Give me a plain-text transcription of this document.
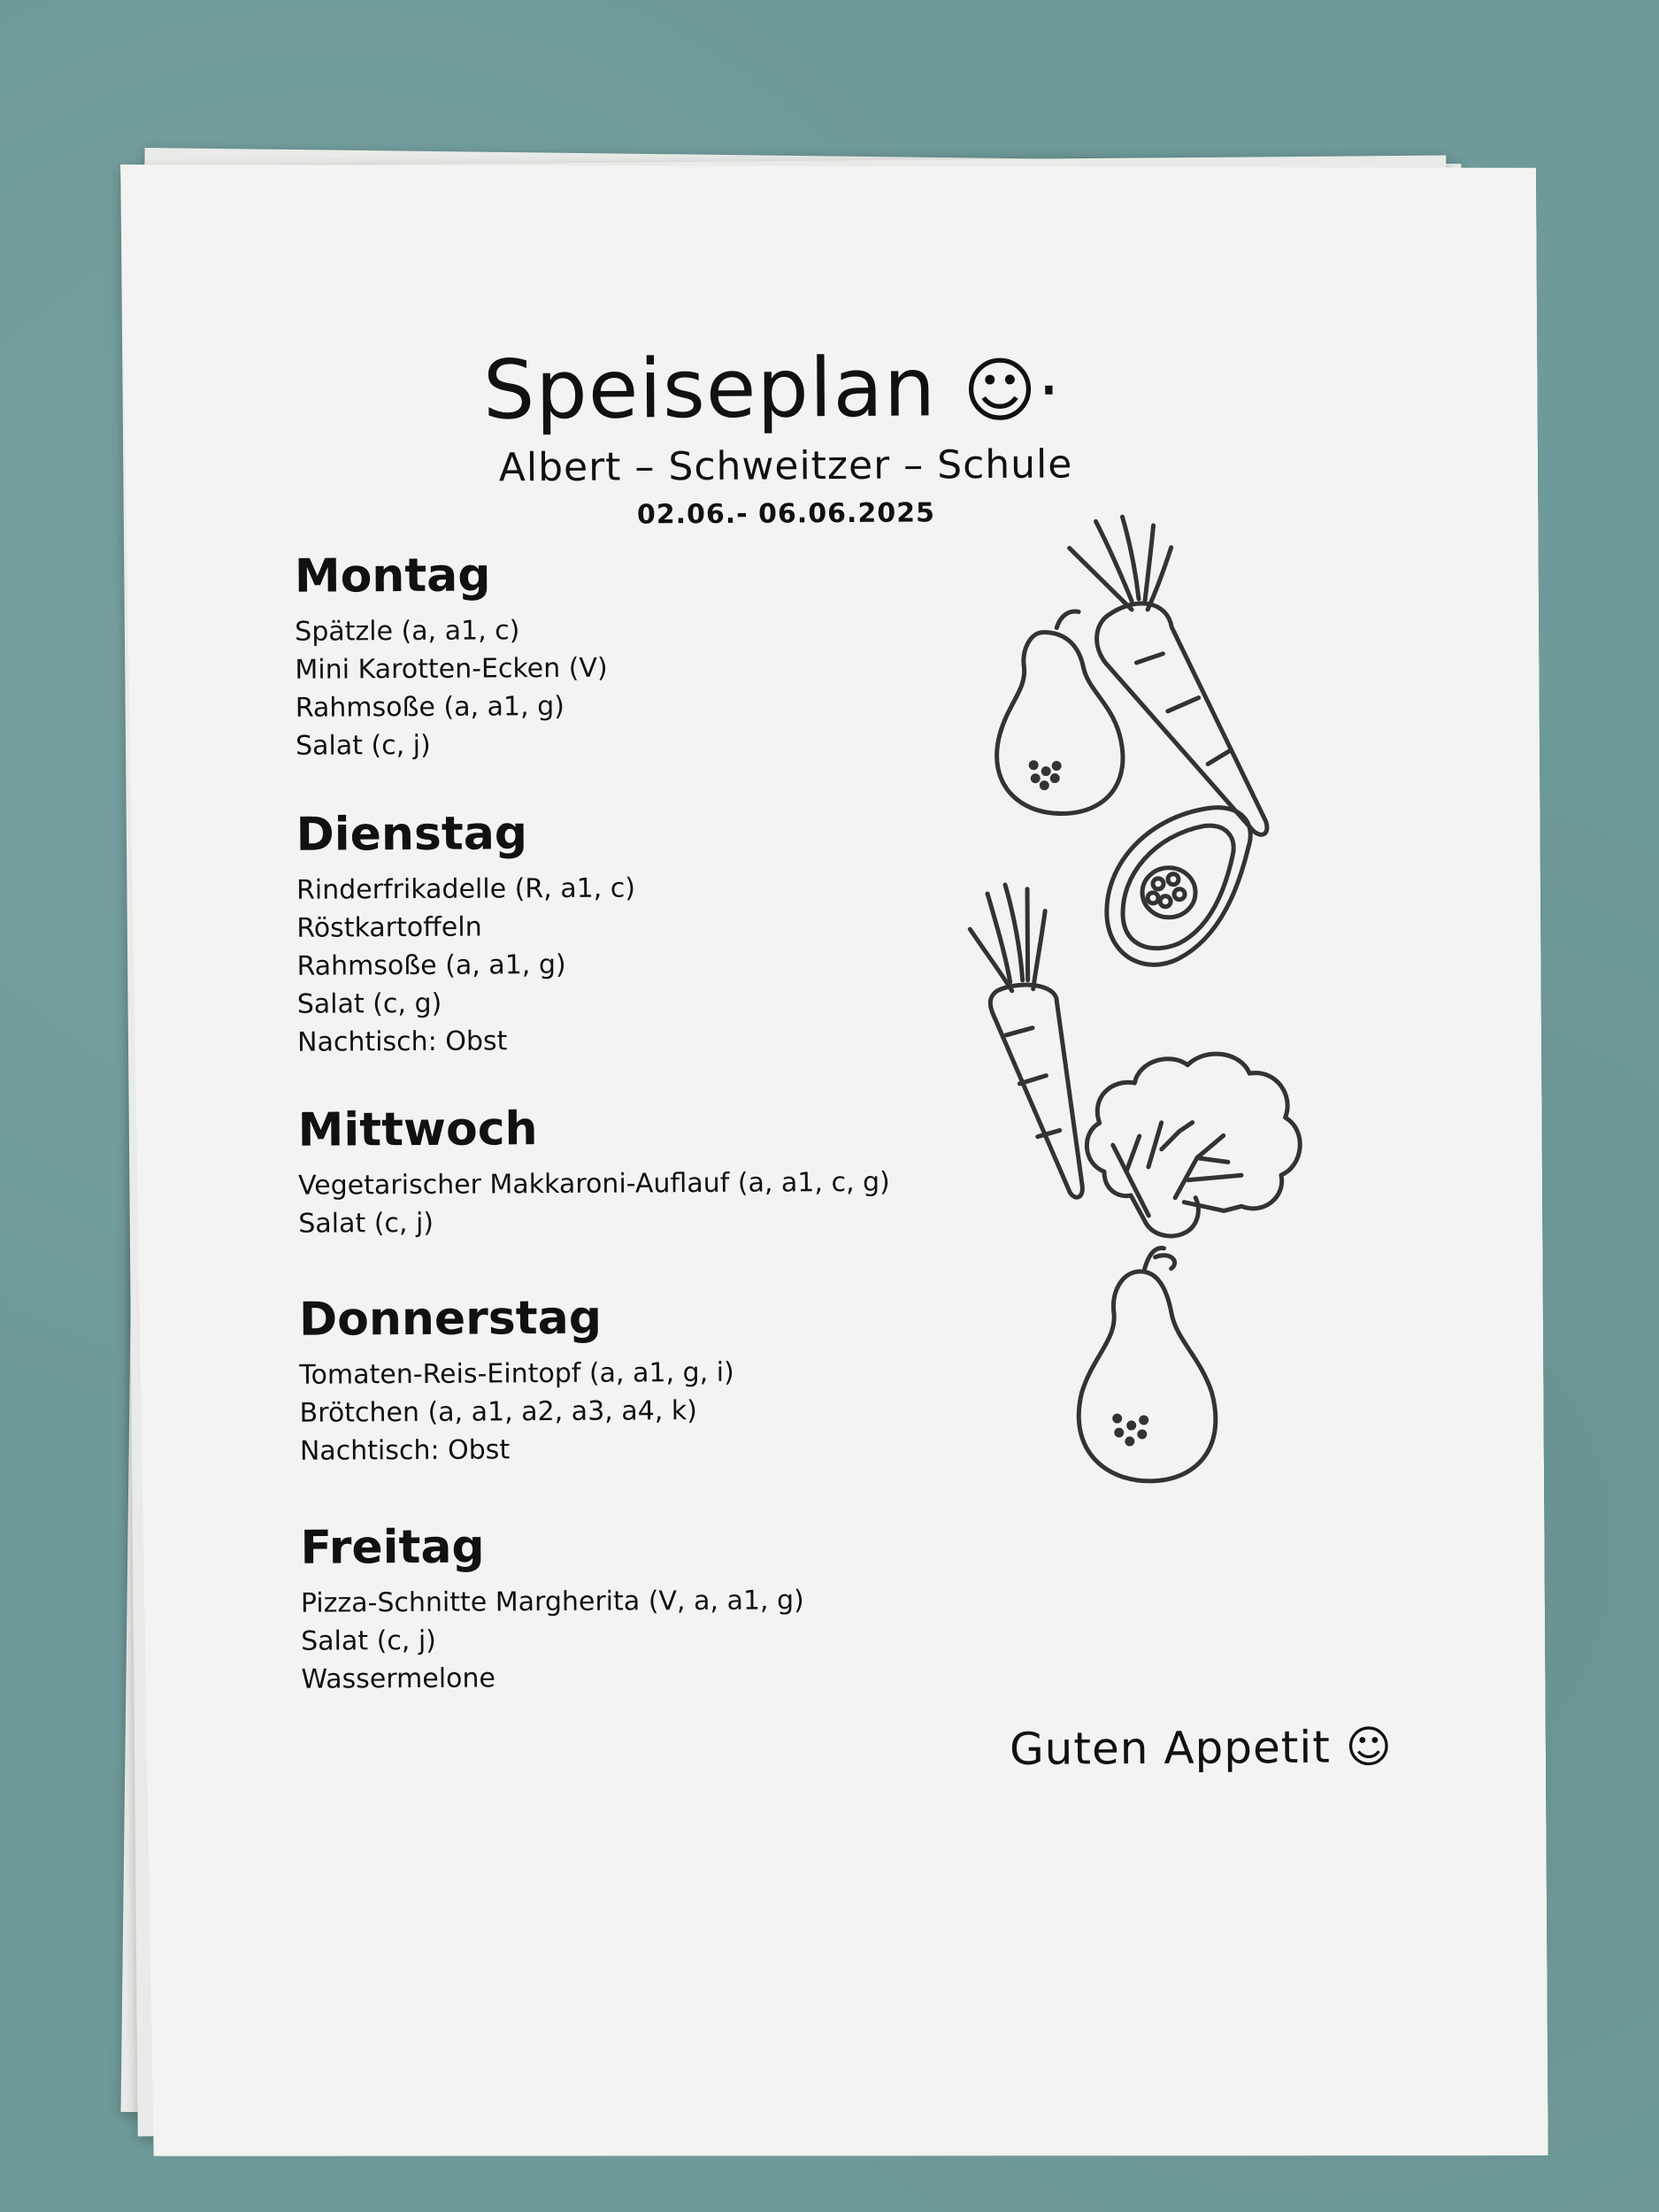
Speiseplan ☺·
Albert – Schweitzer – Schule
02.06.- 06.06.2025
Montag
Spätzle (a, a1, c)
Mini Karotten-Ecken (V)
Rahmsoße (a, a1, g)
Salat (c, j)
Dienstag
Rinderfrikadelle (R, a1, c)
Röstkartoffeln
Rahmsoße (a, a1, g)
Salat (c, g)
Nachtisch: Obst
Mittwoch
Vegetarischer Makkaroni-Auflauf (a, a1, c, g)
Salat (c, j)
Donnerstag
Tomaten-Reis-Eintopf (a, a1, g, i)
Brötchen (a, a1, a2, a3, a4, k)
Nachtisch: Obst
Freitag
Pizza-Schnitte Margherita (V, a, a1, g)
Salat (c, j)
Wassermelone
Guten Appetit ☺
